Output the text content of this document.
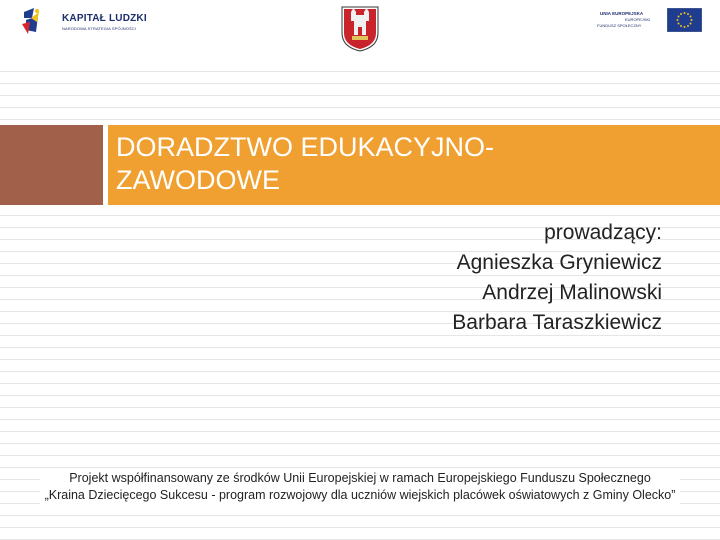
KAPITAŁ LUDZKI
NARODOWA STRATEGIA SPÓJNOŚCI
UNIA EUROPEJSKA
EUROPEJSKI
FUNDUSZ SPOŁECZNY
DORADZTWO EDUKACYJNO-
ZAWODOWE
prowadzący:
Agnieszka Gryniewicz
Andrzej Malinowski
Barbara Taraszkiewicz
Projekt współfinansowany ze środków Unii Europejskiej w ramach Europejskiego Funduszu Społecznego
„Kraina Dziecięcego Sukcesu - program rozwojowy dla uczniów wiejskich placówek oświatowych z Gminy Olecko”
